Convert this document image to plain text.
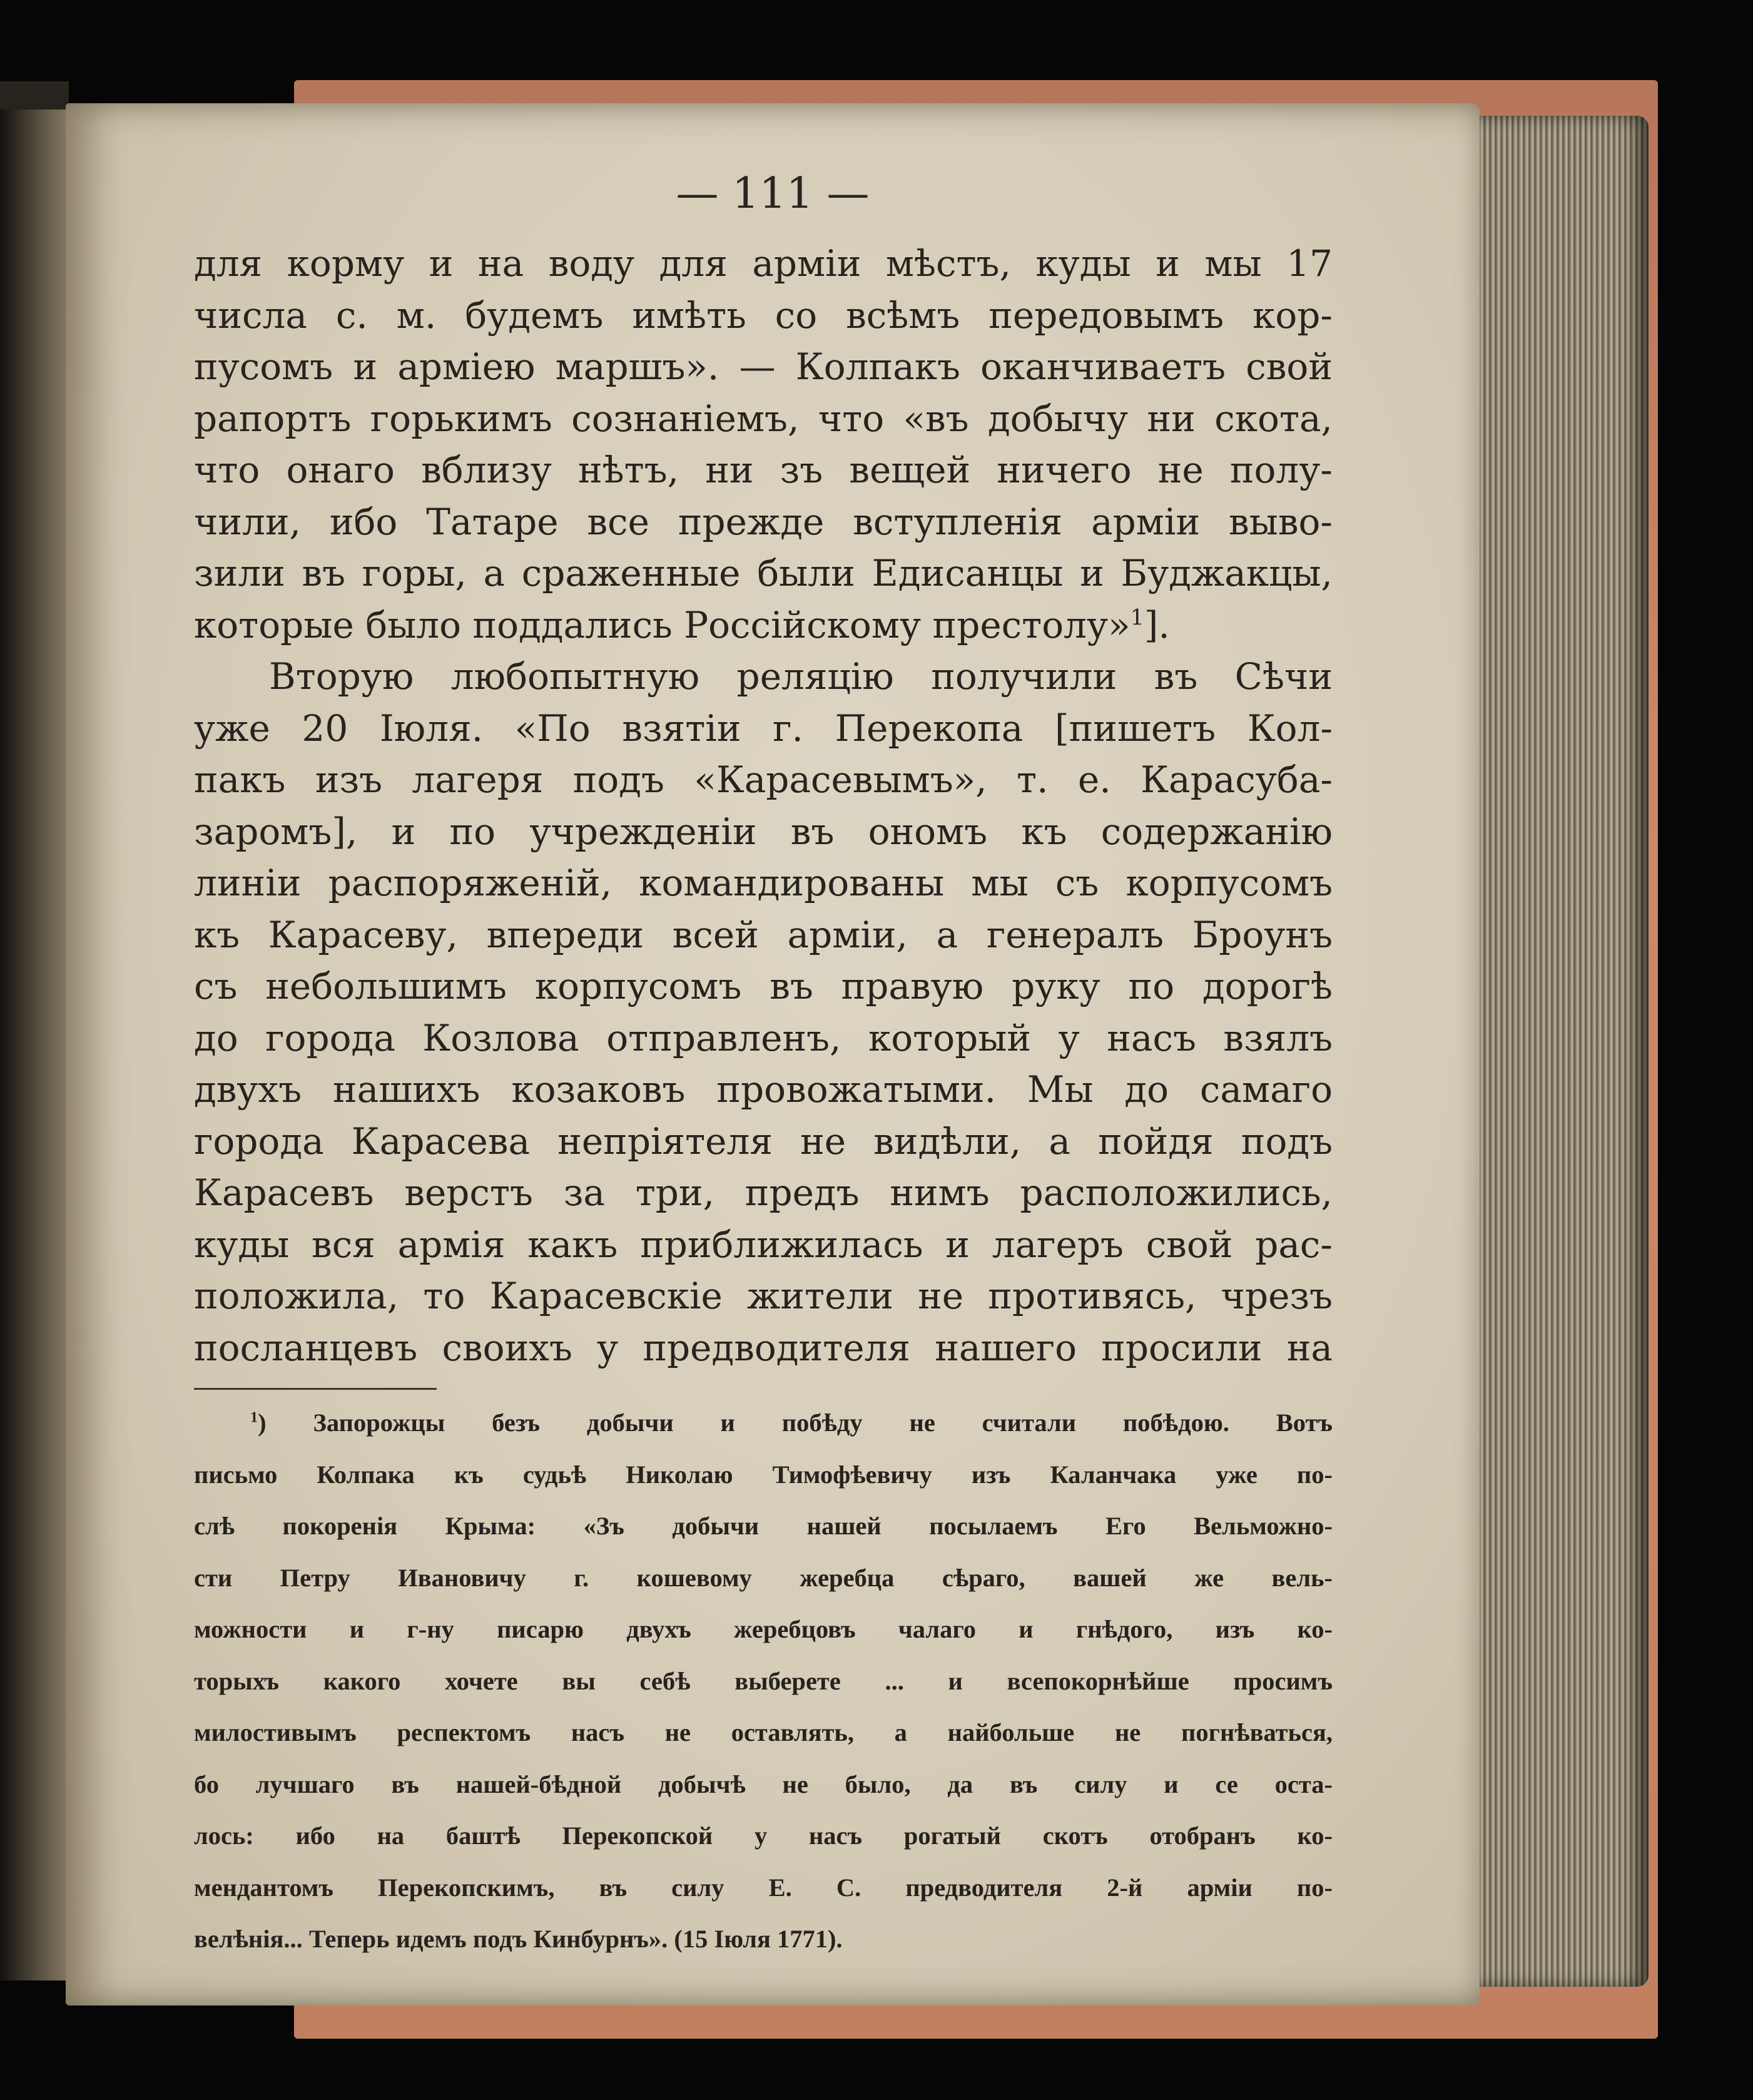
— 111 —
для корму и на воду для арміи мѣстъ, куды и мы 17
числа с. м. будемъ имѣть со всѣмъ передовымъ кор-
пусомъ и арміею маршъ». — Колпакъ оканчиваетъ свой
рапортъ горькимъ сознаніемъ, что «въ добычу ни скота,
что онаго вблизу нѣтъ, ни зъ вещей ничего не полу-
чили, ибо Татаре все прежде вступленія арміи выво-
зили въ горы, а сраженные были Едисанцы и Буджакцы,
которые было поддались Россійскому престолу»$^1$].
Вторую любопытную реляцію получили въ Сѣчи
уже 20 Іюля. «По взятіи г. Перекопа [пишетъ Кол-
пакъ изъ лагеря подъ «Карасевымъ», т. е. Карасуба-
заромъ], и по учрежденіи въ ономъ къ содержанію
линіи распоряженій, командированы мы съ корпусомъ
къ Карасеву, впереди всей арміи, а генералъ Броунъ
съ небольшимъ корпусомъ въ правую руку по дорогѣ
до города Козлова отправленъ, который у насъ взялъ
двухъ нашихъ козаковъ провожатыми. Мы до самаго
города Карасева непріятеля не видѣли, а пойдя подъ
Карасевъ верстъ за три, предъ нимъ расположились,
куды вся армія какъ приближилась и лагеръ свой рас-
положила, то Карасевскіе жители не противясь, чрезъ
посланцевъ своихъ у предводителя нашего просили на
$^1$) Запорожцы безъ добычи и побѣду не считали побѣдою. Вотъ
письмо Колпака къ судьѣ Николаю Тимофѣевичу изъ Каланчака уже по-
слѣ покоренія Крыма: «Зъ добычи нашей посылаемъ Его Вельможно-
сти Петру Ивановичу г. кошевому жеребца сѣраго, вашей же вель-
можности и г-ну писарю двухъ жеребцовъ чалаго и гнѣдого, изъ ко-
торыхъ какого хочете вы себѣ выберете ... и всепокорнѣйше просимъ
милостивымъ респектомъ насъ не оставлять, а найбольше не погнѣваться,
бо лучшаго въ нашей-бѣдной добычѣ не было, да въ силу и се оста-
лось: ибо на баштѣ Перекопской у насъ рогатый скотъ отобранъ ко-
мендантомъ Перекопскимъ, въ силу Е. С. предводителя 2-й арміи по-
велѣнія... Теперь идемъ подъ Кинбурнъ». (15 Іюля 1771).
